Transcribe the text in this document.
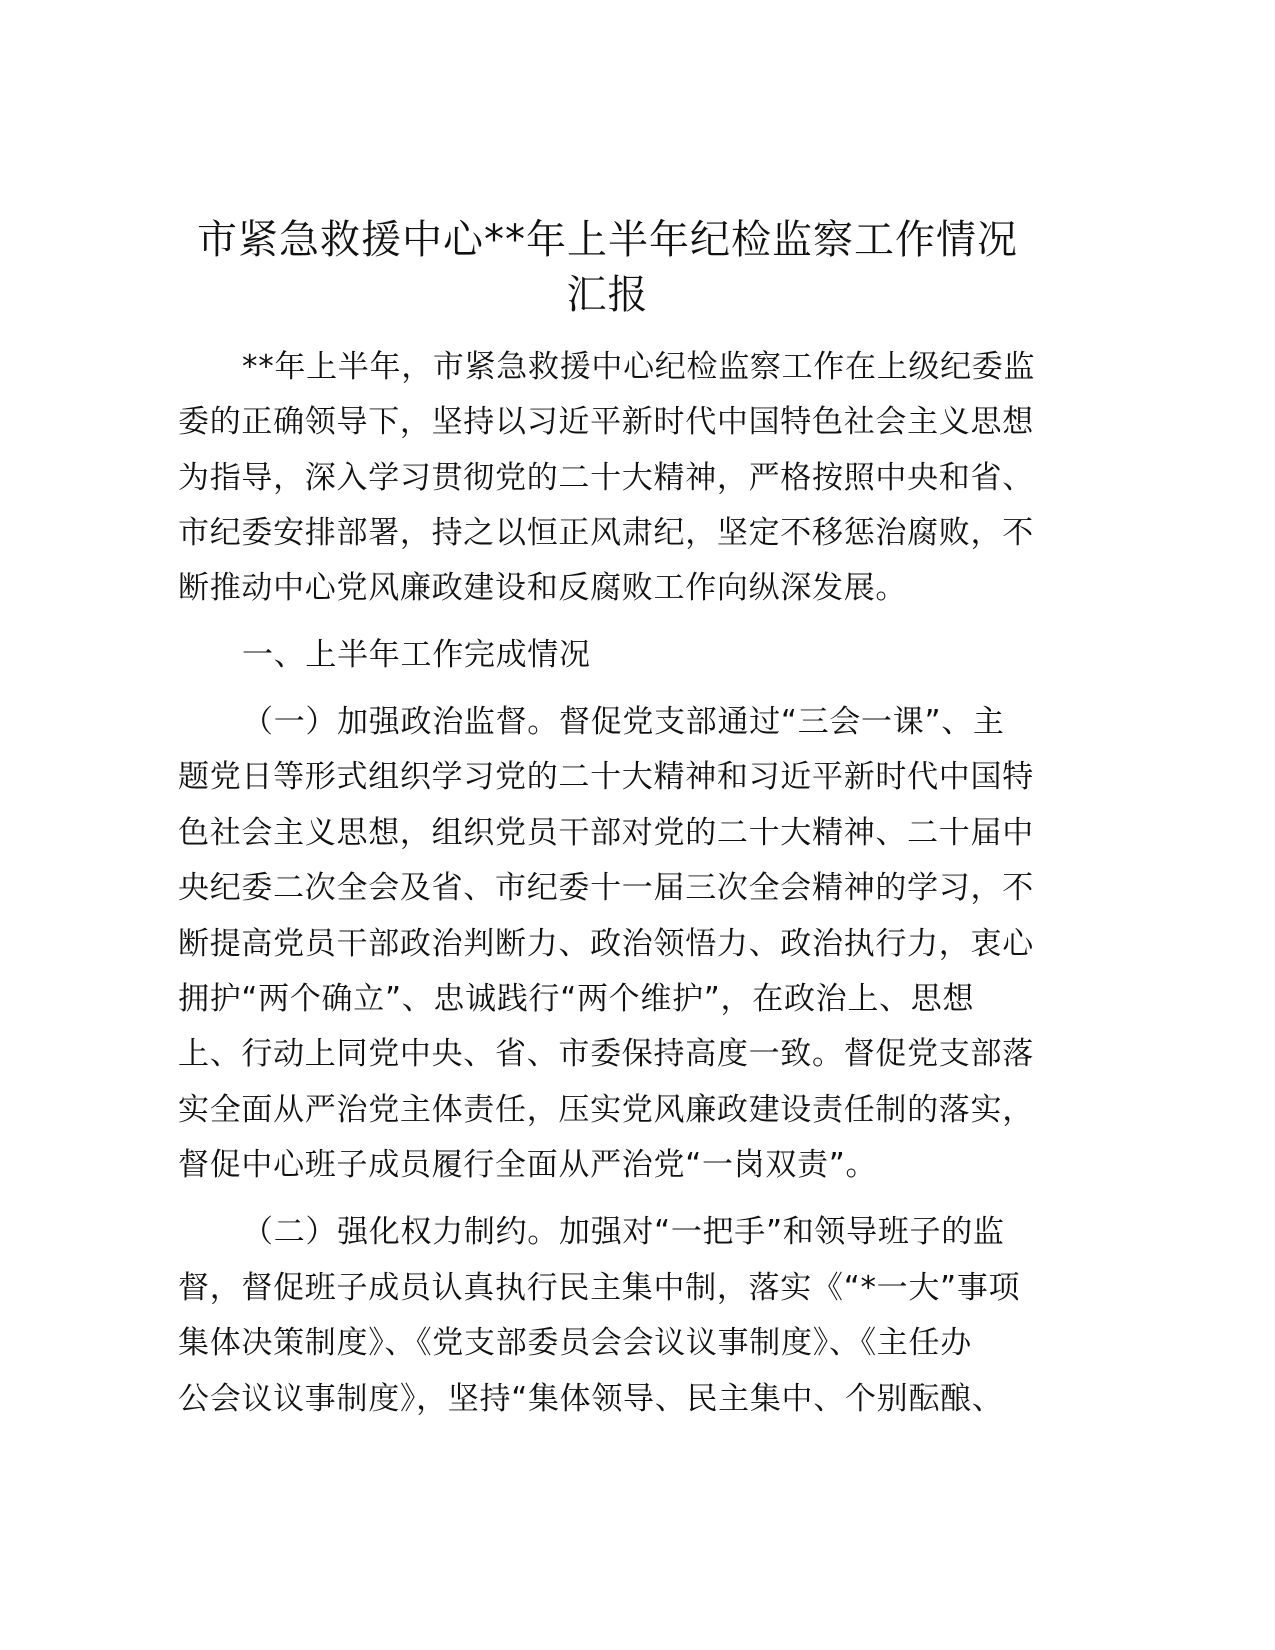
市紧急救援中心**年上半年纪检监察工作情况
汇报
**年上半年，市紧急救援中心纪检监察工作在上级纪委监
委的正确领导下，坚持以习近平新时代中国特色社会主义思想
为指导，深入学习贯彻党的二十大精神，严格按照中央和省、
市纪委安排部署，持之以恒正风肃纪，坚定不移惩治腐败，不
断推动中心党风廉政建设和反腐败工作向纵深发展。
一、上半年工作完成情况
（一）加强政治监督。督促党支部通过“三会一课”、主
题党日等形式组织学习党的二十大精神和习近平新时代中国特
色社会主义思想，组织党员干部对党的二十大精神、二十届中
央纪委二次全会及省、市纪委十一届三次全会精神的学习，不
断提高党员干部政治判断力、政治领悟力、政治执行力，衷心
拥护“两个确立”、忠诚践行“两个维护”，在政治上、思想
上、行动上同党中央、省、市委保持高度一致。督促党支部落
实全面从严治党主体责任，压实党风廉政建设责任制的落实，
督促中心班子成员履行全面从严治党“一岗双责”。
（二）强化权力制约。加强对“一把手”和领导班子的监
督，督促班子成员认真执行民主集中制，落实《“*一大”事项
集体决策制度》、《党支部委员会会议议事制度》、《主任办
公会议议事制度》，坚持“集体领导、民主集中、个别酝酿、
